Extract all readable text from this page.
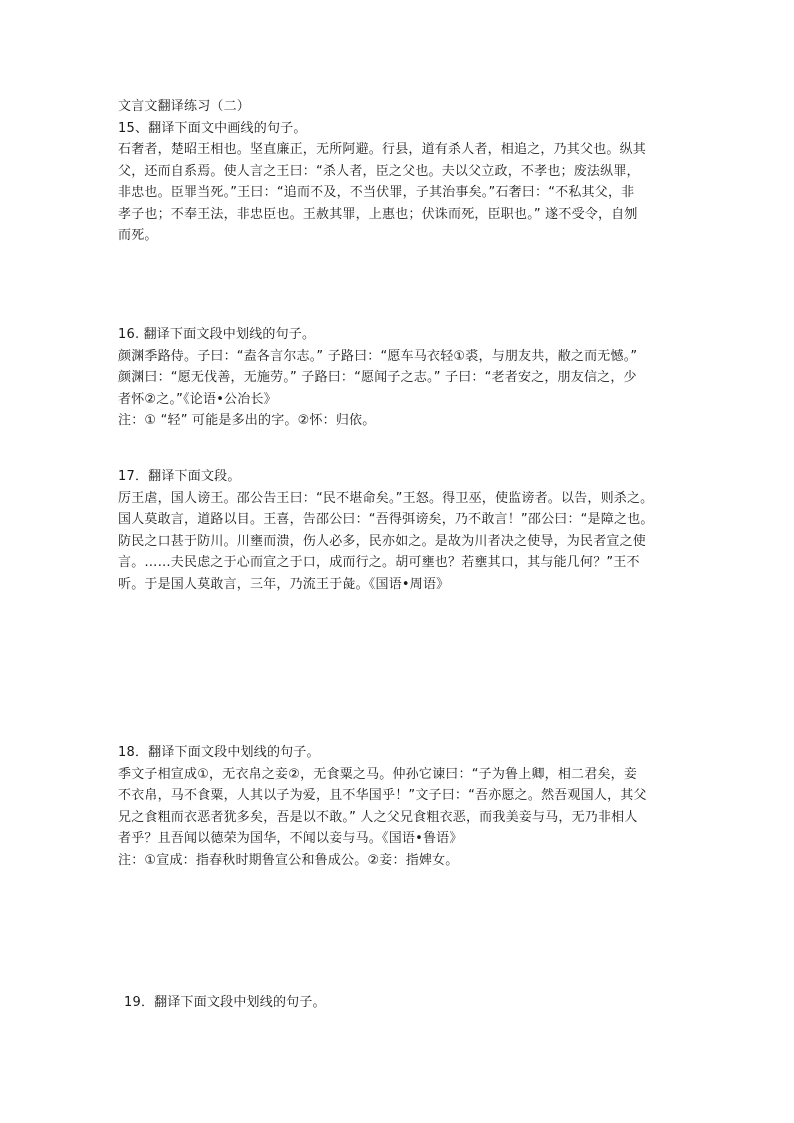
文言文翻译练习（二）
15、翻译下面文中画线的句子。
石奢者，楚昭王相也。坚直廉正，无所阿避。行县，道有杀人者，相追之，乃其父也。纵其
父，还而自系焉。使人言之王曰：“杀人者，臣之父也。夫以父立政，不孝也；废法纵罪，
非忠也。臣罪当死。”王曰：“追而不及，不当伏罪，子其治事矣。”石奢曰：“不私其父，非
孝子也；不奉王法，非忠臣也。王赦其罪，上惠也；伏诛而死，臣职也。” 遂不受令，自刎
而死。
16. 翻译下面文段中划线的句子。
颜渊季路侍。子曰：“盍各言尔志。” 子路曰：“愿车马衣轻①裘，与朋友共，敝之而无憾。”
颜渊曰：“愿无伐善，无施劳。” 子路曰：“愿闻子之志。” 子曰：“老者安之，朋友信之，少
者怀②之。”《论语•公冶长》
注：① “轻” 可能是多出的字。②怀：归依。
17．翻译下面文段。
厉王虐，国人谤王。邵公告王曰：“民不堪命矣。”王怒。得卫巫，使监谤者。以告，则杀之。
国人莫敢言，道路以目。王喜，告邵公曰：“吾得弭谤矣，乃不敢言！”邵公曰：“是障之也。
防民之口甚于防川。川壅而溃，伤人必多，民亦如之。是故为川者决之使导，为民者宣之使
言。……夫民虑之于心而宣之于口，成而行之。胡可壅也？若壅其口，其与能几何？”王不
听。于是国人莫敢言，三年，乃流王于彘。《国语•周语》
18．翻译下面文段中划线的句子。
季文子相宣成①，无衣帛之妾②，无食粟之马。仲孙它谏曰：“子为鲁上卿，相二君矣，妾
不衣帛，马不食粟，人其以子为爱，且不华国乎！”文子曰：“吾亦愿之。然吾观国人，其父
兄之食粗而衣恶者犹多矣，吾是以不敢。” 人之父兄食粗衣恶，而我美妾与马，无乃非相人
者乎？且吾闻以德荣为国华，不闻以妾与马。《国语•鲁语》
注：①宣成：指春秋时期鲁宣公和鲁成公。②妾：指婢女。
19．翻译下面文段中划线的句子。
